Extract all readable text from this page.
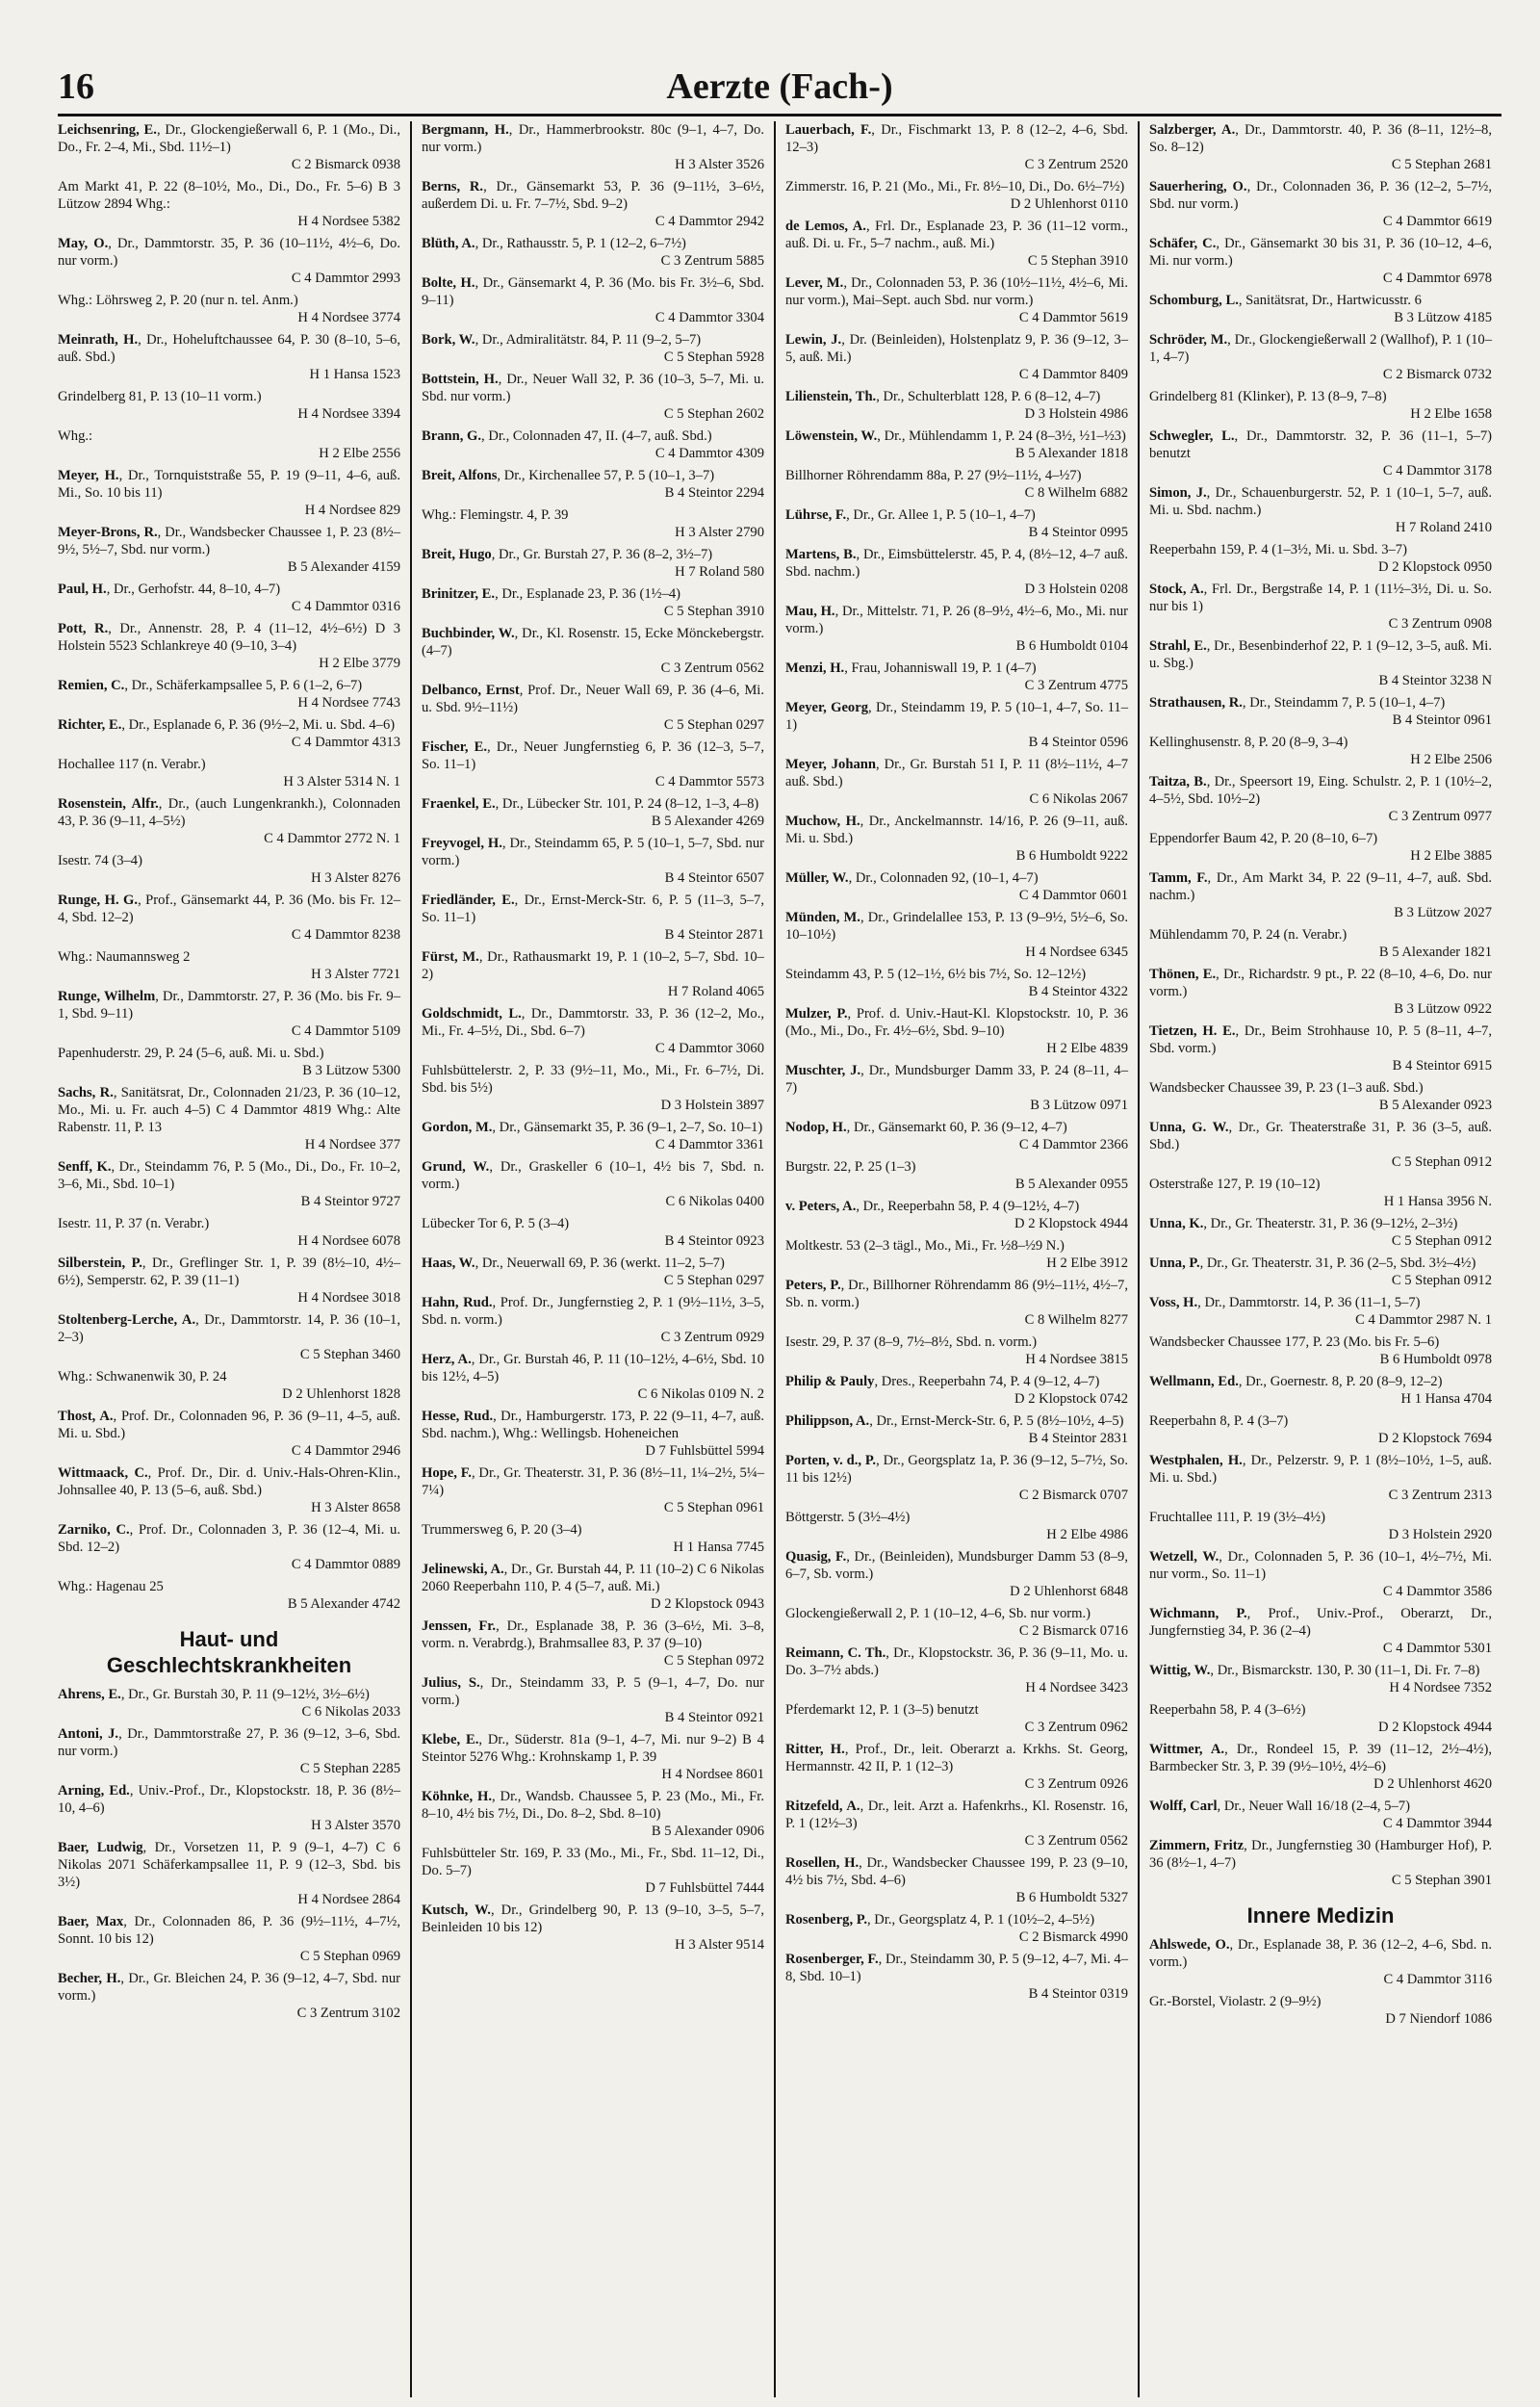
16	Aerzte (Fach-)
Leichsenring, E., Dr., Glockengießerwall 6, P. 1 (Mo., Di., Do., Fr. 2–4, Mi., Sbd. 11½–1)
C 2 Bismarck 0938
Am Markt 41, P. 22 (8–10½, Mo., Di., Do., Fr. 5–6) B 3 Lützow 2894 Whg.:
H 4 Nordsee 5382
May, O., Dr., Dammtorstr. 35, P. 36 (10–11½, 4½–6, Do. nur vorm.)
C 4 Dammtor 2993
Whg.: Löhrsweg 2, P. 20 (nur n. tel. Anm.)
H 4 Nordsee 3774
Meinrath, H., Dr., Hoheluftchaussee 64, P. 30 (8–10, 5–6, auß. Sbd.)
H 1 Hansa 1523
Grindelberg 81, P. 13 (10–11 vorm.)
H 4 Nordsee 3394
Whg.:
H 2 Elbe 2556
Meyer, H., Dr., Tornquiststraße 55, P. 19 (9–11, 4–6, auß. Mi., So. 10 bis 11)
H 4 Nordsee 829
Meyer-Brons, R., Dr., Wandsbecker Chaussee 1, P. 23 (8½–9½, 5½–7, Sbd. nur vorm.)
B 5 Alexander 4159
Paul, H., Dr., Gerhofstr. 44, 8–10, 4–7)
C 4 Dammtor 0316
Pott, R., Dr., Annenstr. 28, P. 4 (11–12, 4½–6½) D 3 Holstein 5523 Schlankreye 40 (9–10, 3–4)
H 2 Elbe 3779
Remien, C., Dr., Schäferkampsallee 5, P. 6 (1–2, 6–7)
H 4 Nordsee 7743
Richter, E., Dr., Esplanade 6, P. 36 (9½–2, Mi. u. Sbd. 4–6)
C 4 Dammtor 4313
Hochallee 117 (n. Verabr.)
H 3 Alster 5314 N. 1
Rosenstein, Alfr., Dr., (auch Lungenkrankh.), Colonnaden 43, P. 36 (9–11, 4–5½)
C 4 Dammtor 2772 N. 1
Isestr. 74 (3–4)
H 3 Alster 8276
Runge, H. G., Prof., Gänsemarkt 44, P. 36 (Mo. bis Fr. 12–4, Sbd. 12–2)
C 4 Dammtor 8238
Whg.: Naumannsweg 2
H 3 Alster 7721
Runge, Wilhelm, Dr., Dammtorstr. 27, P. 36 (Mo. bis Fr. 9–1, Sbd. 9–11)
C 4 Dammtor 5109
Papenhuderstr. 29, P. 24 (5–6, auß. Mi. u. Sbd.)
B 3 Lützow 5300
Sachs, R., Sanitätsrat, Dr., Colonnaden 21/23, P. 36 (10–12, Mo., Mi. u. Fr. auch 4–5) C 4 Dammtor 4819 Whg.: Alte Rabenstr. 11, P. 13
H 4 Nordsee 377
Senff, K., Dr., Steindamm 76, P. 5 (Mo., Di., Do., Fr. 10–2, 3–6, Mi., Sbd. 10–1)
B 4 Steintor 9727
Isestr. 11, P. 37 (n. Verabr.)
H 4 Nordsee 6078
Silberstein, P., Dr., Greflinger Str. 1, P. 39 (8½–10, 4½–6½), Semperstr. 62, P. 39 (11–1)
H 4 Nordsee 3018
Stoltenberg-Lerche, A., Dr., Dammtorstr. 14, P. 36 (10–1, 2–3)
C 5 Stephan 3460
Whg.: Schwanenwik 30, P. 24
D 2 Uhlenhorst 1828
Thost, A., Prof. Dr., Colonnaden 96, P. 36 (9–11, 4–5, auß. Mi. u. Sbd.)
C 4 Dammtor 2946
Wittmaack, C., Prof. Dr., Dir. d. Univ.-Hals-Ohren-Klin., Johnsallee 40, P. 13 (5–6, auß. Sbd.)
H 3 Alster 8658
Zarniko, C., Prof. Dr., Colonnaden 3, P. 36 (12–4, Mi. u. Sbd. 12–2)
C 4 Dammtor 0889
Whg.: Hagenau 25
B 5 Alexander 4742
Haut- und Geschlechtskrankheiten
Ahrens, E., Dr., Gr. Burstah 30, P. 11 (9–12½, 3½–6½)
C 6 Nikolas 2033
Antoni, J., Dr., Dammtorstraße 27, P. 36 (9–12, 3–6, Sbd. nur vorm.)
C 5 Stephan 2285
Arning, Ed., Univ.-Prof., Dr., Klopstockstr. 18, P. 36 (8½–10, 4–6)
H 3 Alster 3570
Baer, Ludwig, Dr., Vorsetzen 11, P. 9 (9–1, 4–7) C 6 Nikolas 2071 Schäferkampsallee 11, P. 9 (12–3, Sbd. bis 3½)
H 4 Nordsee 2864
Baer, Max, Dr., Colonnaden 86, P. 36 (9½–11½, 4–7½, Sonnt. 10 bis 12)
C 5 Stephan 0969
Becher, H., Dr., Gr. Bleichen 24, P. 36 (9–12, 4–7, Sbd. nur vorm.)
C 3 Zentrum 3102
Bergmann, H., Dr., Hammerbrookstr. 80c (9–1, 4–7, Do. nur vorm.)
H 3 Alster 3526
Berns, R., Dr., Gänsemarkt 53, P. 36 (9–11½, 3–6½, außerdem Di. u. Fr. 7–7½, Sbd. 9–2)
C 4 Dammtor 2942
Blüth, A., Dr., Rathausstr. 5, P. 1 (12–2, 6–7½)
C 3 Zentrum 5885
Bolte, H., Dr., Gänsemarkt 4, P. 36 (Mo. bis Fr. 3½–6, Sbd. 9–11)
C 4 Dammtor 3304
Bork, W., Dr., Admiralitätstr. 84, P. 11 (9–2, 5–7)
C 5 Stephan 5928
Bottstein, H., Dr., Neuer Wall 32, P. 36 (10–3, 5–7, Mi. u. Sbd. nur vorm.)
C 5 Stephan 2602
Brann, G., Dr., Colonnaden 47, II. (4–7, auß. Sbd.)
C 4 Dammtor 4309
Breit, Alfons, Dr., Kirchenallee 57, P. 5 (10–1, 3–7)
B 4 Steintor 2294
Whg.: Flemingstr. 4, P. 39
H 3 Alster 2790
Breit, Hugo, Dr., Gr. Burstah 27, P. 36 (8–2, 3½–7)
H 7 Roland 580
Brinitzer, E., Dr., Esplanade 23, P. 36 (1½–4)
C 5 Stephan 3910
Buchbinder, W., Dr., Kl. Rosenstr. 15, Ecke Mönckebergstr. (4–7)
C 3 Zentrum 0562
Delbanco, Ernst, Prof. Dr., Neuer Wall 69, P. 36 (4–6, Mi. u. Sbd. 9½–11½)
C 5 Stephan 0297
Fischer, E., Dr., Neuer Jungfernstieg 6, P. 36 (12–3, 5–7, So. 11–1)
C 4 Dammtor 5573
Fraenkel, E., Dr., Lübecker Str. 101, P. 24 (8–12, 1–3, 4–8)
B 5 Alexander 4269
Freyvogel, H., Dr., Steindamm 65, P. 5 (10–1, 5–7, Sbd. nur vorm.)
B 4 Steintor 6507
Friedländer, E., Dr., Ernst-Merck-Str. 6, P. 5 (11–3, 5–7, So. 11–1)
B 4 Steintor 2871
Fürst, M., Dr., Rathausmarkt 19, P. 1 (10–2, 5–7, Sbd. 10–2)
H 7 Roland 4065
Goldschmidt, L., Dr., Dammtorstr. 33, P. 36 (12–2, Mo., Mi., Fr. 4–5½, Di., Sbd. 6–7)
C 4 Dammtor 3060
Fuhlsbüttelerstr. 2, P. 33 (9½–11, Mo., Mi., Fr. 6–7½, Di. Sbd. bis 5½)
D 3 Holstein 3897
Gordon, M., Dr., Gänsemarkt 35, P. 36 (9–1, 2–7, So. 10–1)
C 4 Dammtor 3361
Grund, W., Dr., Graskeller 6 (10–1, 4½ bis 7, Sbd. n. vorm.)
C 6 Nikolas 0400
Lübecker Tor 6, P. 5 (3–4)
B 4 Steintor 0923
Haas, W., Dr., Neuerwall 69, P. 36 (werkt. 11–2, 5–7)
C 5 Stephan 0297
Hahn, Rud., Prof. Dr., Jungfernstieg 2, P. 1 (9½–11½, 3–5, Sbd. n. vorm.)
C 3 Zentrum 0929
Herz, A., Dr., Gr. Burstah 46, P. 11 (10–12½, 4–6½, Sbd. 10 bis 12½, 4–5)
C 6 Nikolas 0109 N. 2
Hesse, Rud., Dr., Hamburgerstr. 173, P. 22 (9–11, 4–7, auß. Sbd. nachm.), Whg.: Wellingsb. Hoheneichen
D 7 Fuhlsbüttel 5994
Hope, F., Dr., Gr. Theaterstr. 31, P. 36 (8½–11, 1¼–2½, 5¼–7¼)
C 5 Stephan 0961
Trummersweg 6, P. 20 (3–4)
H 1 Hansa 7745
Jelinewski, A., Dr., Gr. Burstah 44, P. 11 (10–2) C 6 Nikolas 2060 Reeperbahn 110, P. 4 (5–7, auß. Mi.)
D 2 Klopstock 0943
Jenssen, Fr., Dr., Esplanade 38, P. 36 (3–6½, Mi. 3–8, vorm. n. Verabrdg.), Brahmsallee 83, P. 37 (9–10)
C 5 Stephan 0972
Julius, S., Dr., Steindamm 33, P. 5 (9–1, 4–7, Do. nur vorm.)
B 4 Steintor 0921
Klebe, E., Dr., Süderstr. 81a (9–1, 4–7, Mi. nur 9–2) B 4 Steintor 5276 Whg.: Krohnskamp 1, P. 39
H 4 Nordsee 8601
Köhnke, H., Dr., Wandsb. Chaussee 5, P. 23 (Mo., Mi., Fr. 8–10, 4½ bis 7½, Di., Do. 8–2, Sbd. 8–10)
B 5 Alexander 0906
Fuhlsbütteler Str. 169, P. 33 (Mo., Mi., Fr., Sbd. 11–12, Di., Do. 5–7)
D 7 Fuhlsbüttel 7444
Kutsch, W., Dr., Grindelberg 90, P. 13 (9–10, 3–5, 5–7, Beinleiden 10 bis 12)
H 3 Alster 9514
Lauerbach, F., Dr., Fischmarkt 13, P. 8 (12–2, 4–6, Sbd. 12–3)
C 3 Zentrum 2520
Zimmerstr. 16, P. 21 (Mo., Mi., Fr. 8½–10, Di., Do. 6½–7½)
D 2 Uhlenhorst 0110
de Lemos, A., Frl. Dr., Esplanade 23, P. 36 (11–12 vorm., auß. Di. u. Fr., 5–7 nachm., auß. Mi.)
C 5 Stephan 3910
Lever, M., Dr., Colonnaden 53, P. 36 (10½–11½, 4½–6, Mi. nur vorm.), Mai–Sept. auch Sbd. nur vorm.)
C 4 Dammtor 5619
Lewin, J., Dr. (Beinleiden), Holstenplatz 9, P. 36 (9–12, 3–5, auß. Mi.)
C 4 Dammtor 8409
Lilienstein, Th., Dr., Schulterblatt 128, P. 6 (8–12, 4–7)
D 3 Holstein 4986
Löwenstein, W., Dr., Mühlendamm 1, P. 24 (8–3½, ½1–½3)
B 5 Alexander 1818
Billhorner Röhrendamm 88a, P. 27 (9½–11½, 4–½7)
C 8 Wilhelm 6882
Lührse, F., Dr., Gr. Allee 1, P. 5 (10–1, 4–7)
B 4 Steintor 0995
Martens, B., Dr., Eimsbüttelerstr. 45, P. 4, (8½–12, 4–7 auß. Sbd. nachm.)
D 3 Holstein 0208
Mau, H., Dr., Mittelstr. 71, P. 26 (8–9½, 4½–6, Mo., Mi. nur vorm.)
B 6 Humboldt 0104
Menzi, H., Frau, Johanniswall 19, P. 1 (4–7)
C 3 Zentrum 4775
Meyer, Georg, Dr., Steindamm 19, P. 5 (10–1, 4–7, So. 11–1)
B 4 Steintor 0596
Meyer, Johann, Dr., Gr. Burstah 51 I, P. 11 (8½–11½, 4–7 auß. Sbd.)
C 6 Nikolas 2067
Muchow, H., Dr., Anckelmannstr. 14/16, P. 26 (9–11, auß. Mi. u. Sbd.)
B 6 Humboldt 9222
Müller, W., Dr., Colonnaden 92, (10–1, 4–7)
C 4 Dammtor 0601
Münden, M., Dr., Grindelallee 153, P. 13 (9–9½, 5½–6, So. 10–10½)
H 4 Nordsee 6345
Steindamm 43, P. 5 (12–1½, 6½ bis 7½, So. 12–12½)
B 4 Steintor 4322
Mulzer, P., Prof. d. Univ.-Haut-Kl. Klopstockstr. 10, P. 36 (Mo., Mi., Do., Fr. 4½–6½, Sbd. 9–10)
H 2 Elbe 4839
Muschter, J., Dr., Mundsburger Damm 33, P. 24 (8–11, 4–7)
B 3 Lützow 0971
Nodop, H., Dr., Gänsemarkt 60, P. 36 (9–12, 4–7)
C 4 Dammtor 2366
Burgstr. 22, P. 25 (1–3)
B 5 Alexander 0955
v. Peters, A., Dr., Reeperbahn 58, P. 4 (9–12½, 4–7)
D 2 Klopstock 4944
Moltkestr. 53 (2–3 tägl., Mo., Mi., Fr. ½8–½9 N.)
H 2 Elbe 3912
Peters, P., Dr., Billhorner Röhrendamm 86 (9½–11½, 4½–7, Sb. n. vorm.)
C 8 Wilhelm 8277
Isestr. 29, P. 37 (8–9, 7½–8½, Sbd. n. vorm.)
H 4 Nordsee 3815
Philip & Pauly, Dres., Reeperbahn 74, P. 4 (9–12, 4–7)
D 2 Klopstock 0742
Philippson, A., Dr., Ernst-Merck-Str. 6, P. 5 (8½–10½, 4–5)
B 4 Steintor 2831
Porten, v. d., P., Dr., Georgsplatz 1a, P. 36 (9–12, 5–7½, So. 11 bis 12½)
C 2 Bismarck 0707
Böttgerstr. 5 (3½–4½)
H 2 Elbe 4986
Quasig, F., Dr., (Beinleiden), Mundsburger Damm 53 (8–9, 6–7, Sb. vorm.)
D 2 Uhlenhorst 6848
Glockengießerwall 2, P. 1 (10–12, 4–6, Sb. nur vorm.)
C 2 Bismarck 0716
Reimann, C. Th., Dr., Klopstockstr. 36, P. 36 (9–11, Mo. u. Do. 3–7½ abds.)
H 4 Nordsee 3423
Pferdemarkt 12, P. 1 (3–5) benutzt
C 3 Zentrum 0962
Ritter, H., Prof., Dr., leit. Oberarzt a. Krkhs. St. Georg, Hermannstr. 42 II, P. 1 (12–3)
C 3 Zentrum 0926
Ritzefeld, A., Dr., leit. Arzt a. Hafenkrhs., Kl. Rosenstr. 16, P. 1 (12½–3)
C 3 Zentrum 0562
Rosellen, H., Dr., Wandsbecker Chaussee 199, P. 23 (9–10, 4½ bis 7½, Sbd. 4–6)
B 6 Humboldt 5327
Rosenberg, P., Dr., Georgsplatz 4, P. 1 (10½–2, 4–5½)
C 2 Bismarck 4990
Rosenberger, F., Dr., Steindamm 30, P. 5 (9–12, 4–7, Mi. 4–8, Sbd. 10–1)
B 4 Steintor 0319
Salzberger, A., Dr., Dammtorstr. 40, P. 36 (8–11, 12½–8, So. 8–12)
C 5 Stephan 2681
Sauerhering, O., Dr., Colonnaden 36, P. 36 (12–2, 5–7½, Sbd. nur vorm.)
C 4 Dammtor 6619
Schäfer, C., Dr., Gänsemarkt 30 bis 31, P. 36 (10–12, 4–6, Mi. nur vorm.)
C 4 Dammtor 6978
Schomburg, L., Sanitätsrat, Dr., Hartwicusstr. 6
B 3 Lützow 4185
Schröder, M., Dr., Glockengießerwall 2 (Wallhof), P. 1 (10–1, 4–7)
C 2 Bismarck 0732
Grindelberg 81 (Klinker), P. 13 (8–9, 7–8)
H 2 Elbe 1658
Schwegler, L., Dr., Dammtorstr. 32, P. 36 (11–1, 5–7) benutzt
C 4 Dammtor 3178
Simon, J., Dr., Schauenburgerstr. 52, P. 1 (10–1, 5–7, auß. Mi. u. Sbd. nachm.)
H 7 Roland 2410
Reeperbahn 159, P. 4 (1–3½, Mi. u. Sbd. 3–7)
D 2 Klopstock 0950
Stock, A., Frl. Dr., Bergstraße 14, P. 1 (11½–3½, Di. u. So. nur bis 1)
C 3 Zentrum 0908
Strahl, E., Dr., Besenbinderhof 22, P. 1 (9–12, 3–5, auß. Mi. u. Sbg.)
B 4 Steintor 3238 N
Strathausen, R., Dr., Steindamm 7, P. 5 (10–1, 4–7)
B 4 Steintor 0961
Kellinghusenstr. 8, P. 20 (8–9, 3–4)
H 2 Elbe 2506
Taitza, B., Dr., Speersort 19, Eing. Schulstr. 2, P. 1 (10½–2, 4–5½, Sbd. 10½–2)
C 3 Zentrum 0977
Eppendorfer Baum 42, P. 20 (8–10, 6–7)
H 2 Elbe 3885
Tamm, F., Dr., Am Markt 34, P. 22 (9–11, 4–7, auß. Sbd. nachm.)
B 3 Lützow 2027
Mühlendamm 70, P. 24 (n. Verabr.)
B 5 Alexander 1821
Thönen, E., Dr., Richardstr. 9 pt., P. 22 (8–10, 4–6, Do. nur vorm.)
B 3 Lützow 0922
Tietzen, H. E., Dr., Beim Strohhause 10, P. 5 (8–11, 4–7, Sbd. vorm.)
B 4 Steintor 6915
Wandsbecker Chaussee 39, P. 23 (1–3 auß. Sbd.)
B 5 Alexander 0923
Unna, G. W., Dr., Gr. Theaterstraße 31, P. 36 (3–5, auß. Sbd.)
C 5 Stephan 0912
Osterstraße 127, P. 19 (10–12)
H 1 Hansa 3956 N.
Unna, K., Dr., Gr. Theaterstr. 31, P. 36 (9–12½, 2–3½)
C 5 Stephan 0912
Unna, P., Dr., Gr. Theaterstr. 31, P. 36 (2–5, Sbd. 3½–4½)
C 5 Stephan 0912
Voss, H., Dr., Dammtorstr. 14, P. 36 (11–1, 5–7)
C 4 Dammtor 2987 N. 1
Wandsbecker Chaussee 177, P. 23 (Mo. bis Fr. 5–6)
B 6 Humboldt 0978
Wellmann, Ed., Dr., Goernestr. 8, P. 20 (8–9, 12–2)
H 1 Hansa 4704
Reeperbahn 8, P. 4 (3–7)
D 2 Klopstock 7694
Westphalen, H., Dr., Pelzerstr. 9, P. 1 (8½–10½, 1–5, auß. Mi. u. Sbd.)
C 3 Zentrum 2313
Fruchtallee 111, P. 19 (3½–4½)
D 3 Holstein 2920
Wetzell, W., Dr., Colonnaden 5, P. 36 (10–1, 4½–7½, Mi. nur vorm., So. 11–1)
C 4 Dammtor 3586
Wichmann, P., Prof., Univ.-Prof., Oberarzt, Dr., Jungfernstieg 34, P. 36 (2–4)
C 4 Dammtor 5301
Wittig, W., Dr., Bismarckstr. 130, P. 30 (11–1, Di. Fr. 7–8)
H 4 Nordsee 7352
Reeperbahn 58, P. 4 (3–6½)
D 2 Klopstock 4944
Wittmer, A., Dr., Rondeel 15, P. 39 (11–12, 2½–4½), Barmbecker Str. 3, P. 39 (9½–10½, 4½–6)
D 2 Uhlenhorst 4620
Wolff, Carl, Dr., Neuer Wall 16/18 (2–4, 5–7)
C 4 Dammtor 3944
Zimmern, Fritz, Dr., Jungfernstieg 30 (Hamburger Hof), P. 36 (8½–1, 4–7)
C 5 Stephan 3901
Innere Medizin
Ahlswede, O., Dr., Esplanade 38, P. 36 (12–2, 4–6, Sbd. n. vorm.)
C 4 Dammtor 3116
Gr.-Borstel, Violastr. 2 (9–9½)
D 7 Niendorf 1086
